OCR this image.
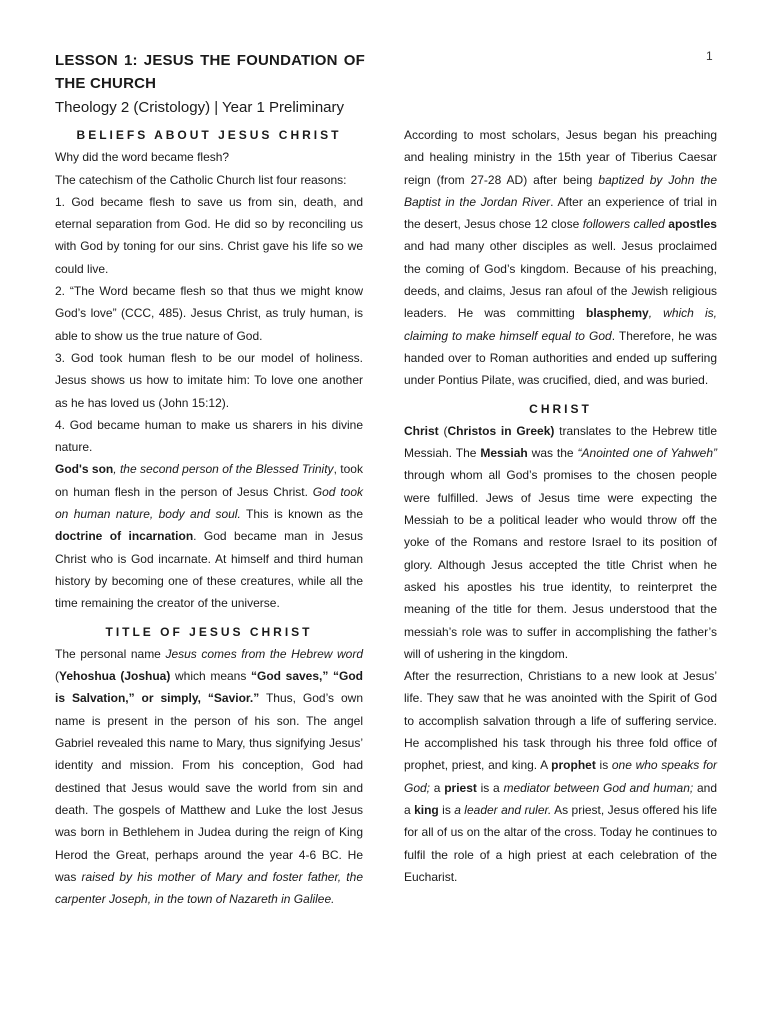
1
LESSON 1: JESUS THE FOUNDATION OF THE CHURCH
Theology 2 (Cristology) | Year 1 Preliminary
BELIEFS ABOUT JESUS CHRIST

Why did the word became flesh?

The catechism of the Catholic Church list four reasons:

1. God became flesh to save us from sin, death, and eternal separation from God. He did so by reconciling us with God by toning for our sins. Christ gave his life so we could live.

2. “The Word became flesh so that thus we might know God’s love” (CCC, 485). Jesus Christ, as truly human, is able to show us the true nature of God.

3. God took human flesh to be our model of holiness. Jesus shows us how to imitate him: To love one another as he has loved us (John 15:12).

4. God became human to make us sharers in his divine nature.

God's son, the second person of the Blessed Trinity, took on human flesh in the person of Jesus Christ. God took on human nature, body and soul. This is known as the doctrine of incarnation. God became man in Jesus Christ who is God incarnate. At himself and third human history by becoming one of these creatures, while all the time remaining the creator of the universe.

TITLE OF JESUS CHRIST

The personal name Jesus comes from the Hebrew word (Yehoshua (Joshua) which means “God saves,” “God is Salvation,” or simply, “Savior.” Thus, God’s own name is present in the person of his son. The angel Gabriel revealed this name to Mary, thus signifying Jesus’ identity and mission. From his conception, God had destined that Jesus would save the world from sin and death. The gospels of Matthew and Luke the lost Jesus was born in Bethlehem in Judea during the reign of King Herod the Great, perhaps around the year 4-6 BC. He was raised by his mother of Mary and foster father, the carpenter Joseph, in the town of Nazareth in Galilee.

According to most scholars, Jesus began his preaching and healing ministry in the 15th year of Tiberius Caesar reign (from 27-28 AD) after being baptized by John the Baptist in the Jordan River. After an experience of trial in the desert, Jesus chose 12 close followers called apostles and had many other disciples as well. Jesus proclaimed the coming of God’s kingdom. Because of his preaching, deeds, and claims, Jesus ran afoul of the Jewish religious leaders. He was committing blasphemy, which is, claiming to make himself equal to God. Therefore, he was handed over to Roman authorities and ended up suffering under Pontius Pilate, was crucified, died, and was buried.

CHRIST

Christ (Christos in Greek) translates to the Hebrew title Messiah. The Messiah was the “Anointed one of Yahweh” through whom all God’s promises to the chosen people were fulfilled. Jews of Jesus time were expecting the Messiah to be a political leader who would throw off the yoke of the Romans and restore Israel to its position of glory. Although Jesus accepted the title Christ when he asked his apostles his true identity, to reinterpret the meaning of the title for them. Jesus understood that the messiah’s role was to suffer in accomplishing the father’s will of ushering in the kingdom.

After the resurrection, Christians to a new look at Jesus’ life. They saw that he was anointed with the Spirit of God to accomplish salvation through a life of suffering service. He accomplished his task through his three fold office of prophet, priest, and king. A prophet is one who speaks for God; a priest is a mediator between God and human; and a king is a leader and ruler. As priest, Jesus offered his life for all of us on the altar of the cross. Today he continues to fulfil the role of a high priest at each celebration of the Eucharist.
